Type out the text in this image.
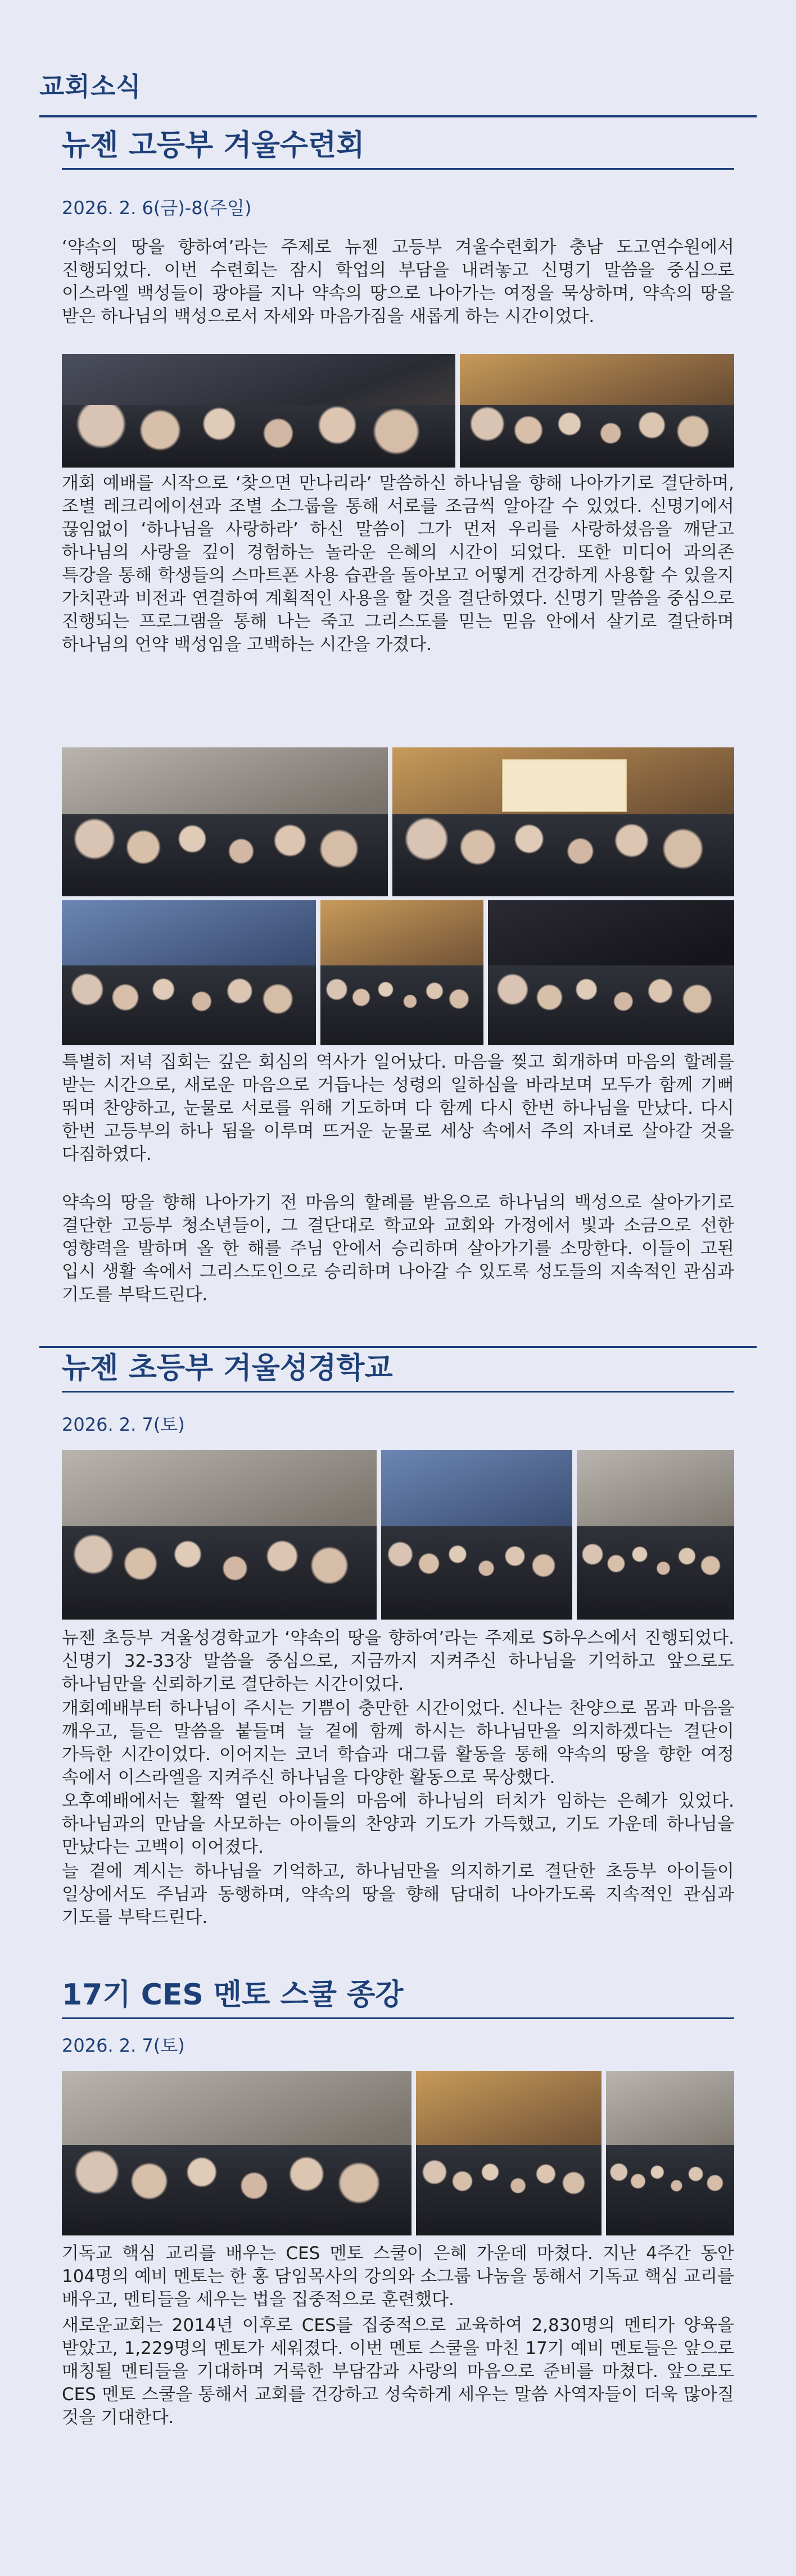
교회소식
뉴젠 고등부 겨울수련회
2026. 2. 6(금)-8(주일)
‘약속의 땅을 향하여’라는 주제로 뉴젠 고등부 겨울수련회가 충남 도고연수원에서 진행되었다. 이번 수련회는 잠시 학업의 부담을 내려놓고 신명기 말씀을 중심으로 이스라엘 백성들이 광야를 지나 약속의 땅으로 나아가는 여정을 묵상하며, 약속의 땅을 받은 하나님의 백성으로서 자세와 마음가짐을 새롭게 하는 시간이었다.
개회 예배를 시작으로 ‘찾으면 만나리라’ 말씀하신 하나님을 향해 나아가기로 결단하며, 조별 레크리에이션과 조별 소그룹을 통해 서로를 조금씩 알아갈 수 있었다. 신명기에서 끊임없이 ‘하나님을 사랑하라’ 하신 말씀이 그가 먼저 우리를 사랑하셨음을 깨닫고 하나님의 사랑을 깊이 경험하는 놀라운 은혜의 시간이 되었다. 또한 미디어 과의존 특강을 통해 학생들의 스마트폰 사용 습관을 돌아보고 어떻게 건강하게 사용할 수 있을지 가치관과 비전과 연결하여 계획적인 사용을 할 것을 결단하였다. 신명기 말씀을 중심으로 진행되는 프로그램을 통해 나는 죽고 그리스도를 믿는 믿음 안에서 살기로 결단하며 하나님의 언약 백성임을 고백하는 시간을 가졌다.
특별히 저녁 집회는 깊은 회심의 역사가 일어났다. 마음을 찢고 회개하며 마음의 할례를 받는 시간으로, 새로운 마음으로 거듭나는 성령의 일하심을 바라보며 모두가 함께 기뻐 뛰며 찬양하고, 눈물로 서로를 위해 기도하며 다 함께 다시 한번 하나님을 만났다. 다시 한번 고등부의 하나 됨을 이루며 뜨거운 눈물로 세상 속에서 주의 자녀로 살아갈 것을 다짐하였다.
약속의 땅을 향해 나아가기 전 마음의 할례를 받음으로 하나님의 백성으로 살아가기로 결단한 고등부 청소년들이, 그 결단대로 학교와 교회와 가정에서 빛과 소금으로 선한 영향력을 발하며 올 한 해를 주님 안에서 승리하며 살아가기를 소망한다. 이들이 고된 입시 생활 속에서 그리스도인으로 승리하며 나아갈 수 있도록 성도들의 지속적인 관심과 기도를 부탁드린다.
뉴젠 초등부 겨울성경학교
2026. 2. 7(토)
뉴젠 초등부 겨울성경학교가 ‘약속의 땅을 향하여’라는 주제로 S하우스에서 진행되었다. 신명기 32-33장 말씀을 중심으로, 지금까지 지켜주신 하나님을 기억하고 앞으로도 하나님만을 신뢰하기로 결단하는 시간이었다.
개회예배부터 하나님이 주시는 기쁨이 충만한 시간이었다. 신나는 찬양으로 몸과 마음을 깨우고, 들은 말씀을 붙들며 늘 곁에 함께 하시는 하나님만을 의지하겠다는 결단이 가득한 시간이었다. 이어지는 코너 학습과 대그룹 활동을 통해 약속의 땅을 향한 여정 속에서 이스라엘을 지켜주신 하나님을 다양한 활동으로 묵상했다.
오후예배에서는 활짝 열린 아이들의 마음에 하나님의 터치가 임하는 은혜가 있었다. 하나님과의 만남을 사모하는 아이들의 찬양과 기도가 가득했고, 기도 가운데 하나님을 만났다는 고백이 이어졌다.
늘 곁에 계시는 하나님을 기억하고, 하나님만을 의지하기로 결단한 초등부 아이들이 일상에서도 주님과 동행하며, 약속의 땅을 향해 담대히 나아가도록 지속적인 관심과 기도를 부탁드린다.
17기 CES 멘토 스쿨 종강
2026. 2. 7(토)
기독교 핵심 교리를 배우는 CES 멘토 스쿨이 은혜 가운데 마쳤다. 지난 4주간 동안 104명의 예비 멘토는 한 홍 담임목사의 강의와 소그룹 나눔을 통해서 기독교 핵심 교리를 배우고, 멘티들을 세우는 법을 집중적으로 훈련했다.
새로운교회는 2014년 이후로 CES를 집중적으로 교육하여 2,830명의 멘티가 양육을 받았고, 1,229명의 멘토가 세워졌다. 이번 멘토 스쿨을 마친 17기 예비 멘토들은 앞으로 매칭될 멘티들을 기대하며 거룩한 부담감과 사랑의 마음으로 준비를 마쳤다. 앞으로도 CES 멘토 스쿨을 통해서 교회를 건강하고 성숙하게 세우는 말씀 사역자들이 더욱 많아질 것을 기대한다.
